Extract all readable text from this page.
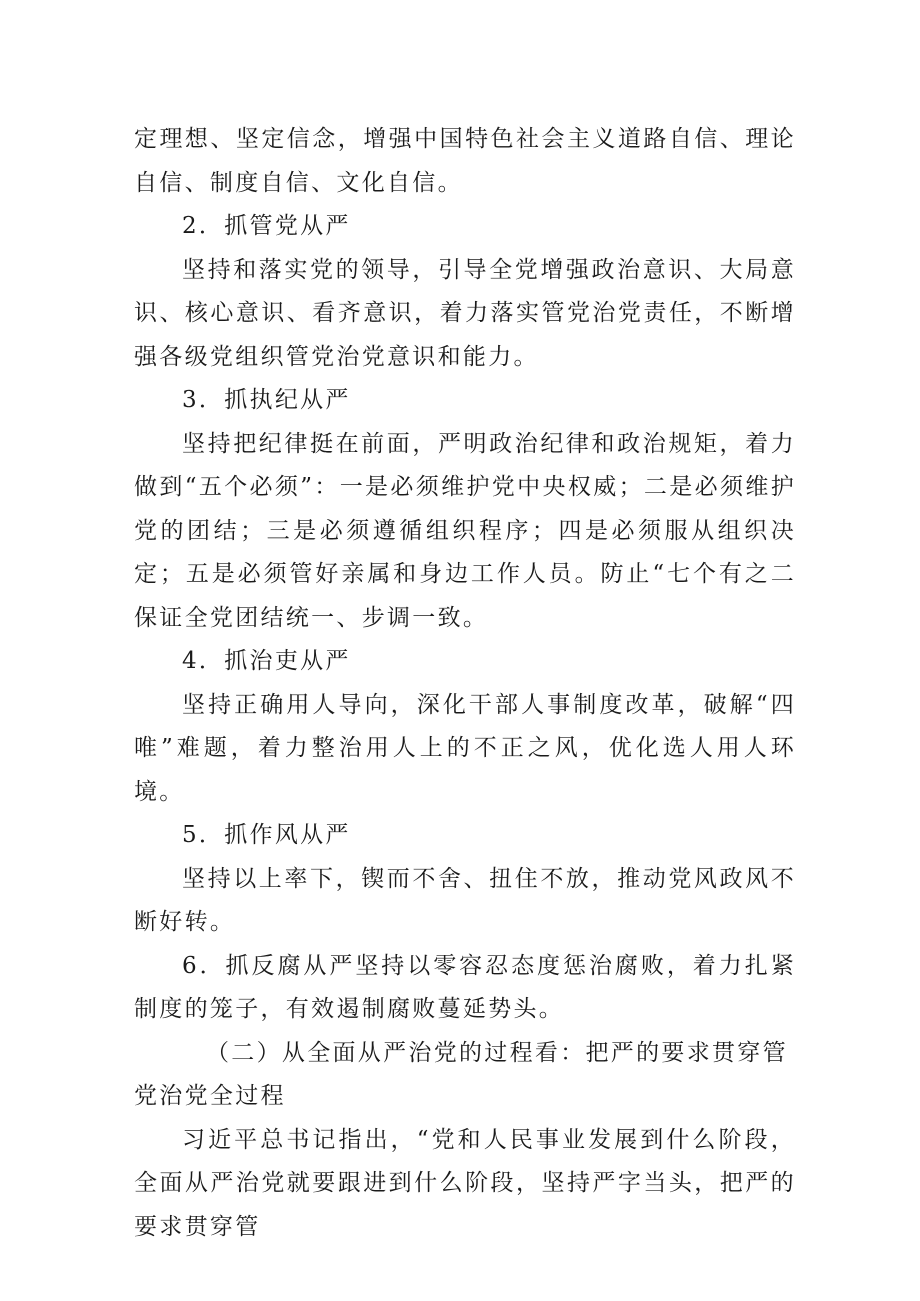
定理想、坚定信念，增强中国特色社会主义道路自信、理论自信、制度自信、文化自信。

2．抓管党从严

坚持和落实党的领导，引导全党增强政治意识、大局意识、核心意识、看齐意识，着力落实管党治党责任，不断增强各级党组织管党治党意识和能力。

3．抓执纪从严

坚持把纪律挺在前面，严明政治纪律和政治规矩，着力做到“五个必须”：一是必须维护党中央权威；二是必须维护党的团结；三是必须遵循组织程序；四是必须服从组织决定；五是必须管好亲属和身边工作人员。防止“七个有之二保证全党团结统一、步调一致。

4．抓治吏从严

坚持正确用人导向，深化干部人事制度改革，破解“四唯”难题，着力整治用人上的不正之风，优化选人用人环境。

5．抓作风从严

坚持以上率下，锲而不舍、扭住不放，推动党风政风不断好转。

6．抓反腐从严坚持以零容忍态度惩治腐败，着力扎紧制度的笼子，有效遏制腐败蔓延势头。

（二）从全面从严治党的过程看：把严的要求贯穿管党治党全过程

习近平总书记指出，“党和人民事业发展到什么阶段，全面从严治党就要跟进到什么阶段，坚持严字当头，把严的要求贯穿管
